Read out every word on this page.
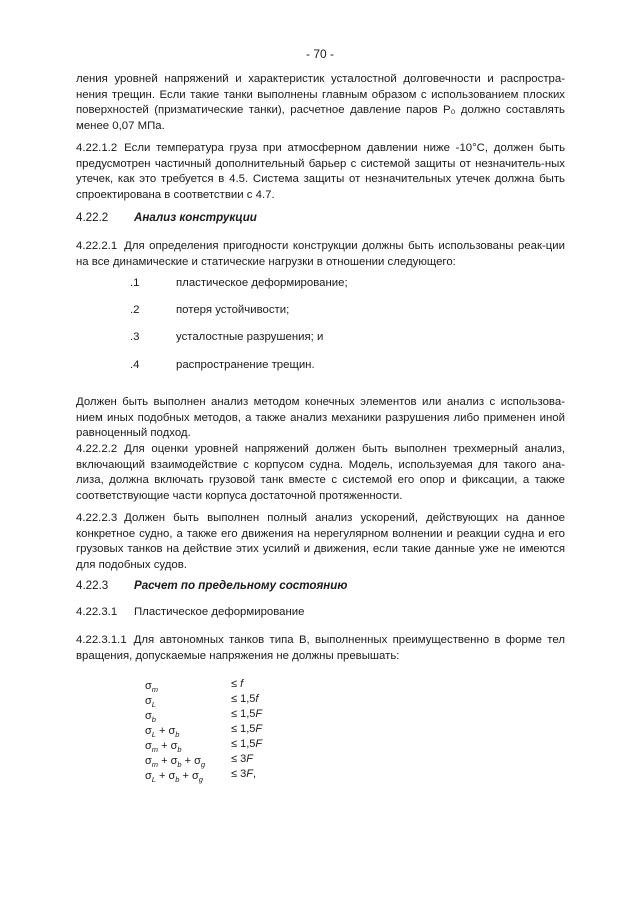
- 70 -

ления уровней напряжений и характеристик усталостной долговечности и распростра-нения трещин. Если такие танки выполнены главным образом с использованием плоских поверхностей (призматические танки), расчетное давление паров P₀ должно составлять менее 0,07 МПа.

4.22.1.2 Если температура груза при атмосферном давлении ниже -10°C, должен быть предусмотрен частичный дополнительный барьер с системой защиты от незначитель-ных утечек, как это требуется в 4.5. Система защиты от незначительных утечек должна быть спроектирована в соответствии с 4.7.

4.22.2 Анализ конструкции

4.22.2.1 Для определения пригодности конструкции должны быть использованы реак-ции на все динамические и статические нагрузки в отношении следующего:

.1	пластическое деформирование;
.2	потеря устойчивости;
.3	усталостные разрушения; и
.4	распространение трещин.

Должен быть выполнен анализ методом конечных элементов или анализ с использова-нием иных подобных методов, а также анализ механики разрушения либо применен иной равноценный подход.

4.22.2.2 Для оценки уровней напряжений должен быть выполнен трехмерный анализ, включающий взаимодействие с корпусом судна. Модель, используемая для такого ана-лиза, должна включать грузовой танк вместе с системой его опор и фиксации, а также соответствующие части корпуса достаточной протяженности.

4.22.2.3 Должен быть выполнен полный анализ ускорений, действующих на данное конкретное судно, а также его движения на нерегулярном волнении и реакции судна и его грузовых танков на действие этих усилий и движения, если такие данные уже не имеются для подобных судов.

4.22.3 Расчет по предельному состоянию
4.22.3.1 Пластическое деформирование

4.22.3.1.1 Для автономных танков типа B, выполненных преимущественно в форме тел вращения, допускаемые напряжения не должны превышать:

$\sigma_m$	≤ f
$\sigma_L$	≤ 1,5f
$\sigma_b$	≤ 1,5F
$\sigma_L + \sigma_b$	≤ 1,5F
$\sigma_m + \sigma_b$	≤ 1,5F
$\sigma_m + \sigma_b + \sigma_g \le 3F$
$\sigma_L + \sigma_b + \sigma_g$	≤ 3F,
